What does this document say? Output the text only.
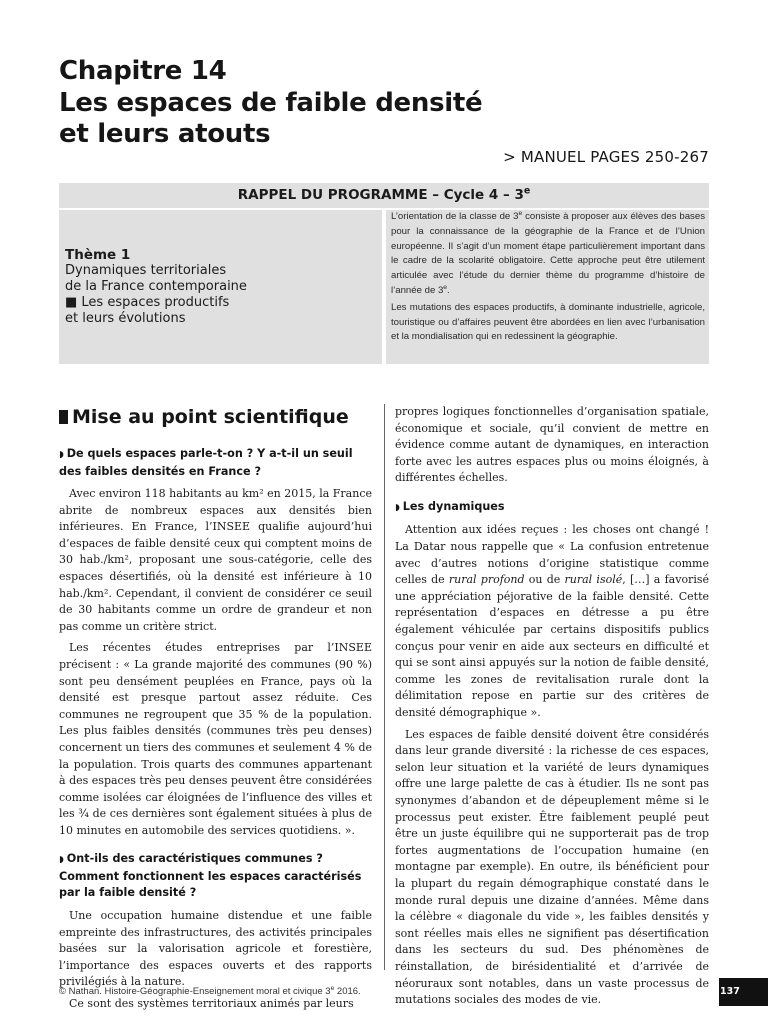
Chapitre 14
Les espaces de faible densité
et leurs atouts
> MANUEL PAGES 250-267
RAPPEL DU PROGRAMME – Cycle 4 – 3e
Thème 1
Dynamiques territoriales
de la France contemporaine
■ Les espaces productifs
et leurs évolutions

L’orientation de la classe de 3e consiste à proposer aux élèves des bases pour la connaissance de la géographie de la France et de l’Union européenne. Il s’agit d’un moment étape particulièrement important dans le cadre de la scolarité obligatoire. Cette approche peut être utilement articulée avec l’étude du dernier thème du programme d’histoire de l’année de 3e.

Les mutations des espaces productifs, à dominante industrielle, agricole, touristique ou d’affaires peuvent être abordées en lien avec l’urbanisation et la mondialisation qui en redessinent la géographie.

Mise au point scientifique
◗ De quels espaces parle-t-on ? Y a-t-il un seuil des faibles densités en France ?

Avec environ 118 habitants au km² en 2015, la France abrite de nombreux espaces aux densités bien inférieures. En France, l’INSEE qualifie aujourd’hui d’espaces de faible densité ceux qui comptent moins de 30 hab./km², proposant une sous-catégorie, celle des espaces désertifiés, où la densité est inférieure à 10 hab./km². Cependant, il convient de considérer ce seuil de 30 habitants comme un ordre de grandeur et non pas comme un critère strict.

Les récentes études entreprises par l’INSEE précisent : « La grande majorité des communes (90 %) sont peu densément peuplées en France, pays où la densité est presque partout assez réduite. Ces communes ne regroupent que 35 % de la population. Les plus faibles densités (communes très peu denses) concernent un tiers des communes et seulement 4 % de la population. Trois quarts des communes appartenant à des espaces très peu denses peuvent être considérées comme isolées car éloignées de l’influence des villes et les ¾ de ces dernières sont également situées à plus de 10 minutes en automobile des services quotidiens. ».

◗ Ont-ils des caractéristiques communes ? Comment fonctionnent les espaces caractérisés par la faible densité ?

Une occupation humaine distendue et une faible empreinte des infrastructures, des activités principales basées sur la valorisation agricole et forestière, l’importance des espaces ouverts et des rapports privilégiés à la nature.

Ce sont des systèmes territoriaux animés par leurs

propres logiques fonctionnelles d’organisation spatiale, économique et sociale, qu’il convient de mettre en évidence comme autant de dynamiques, en interaction forte avec les autres espaces plus ou moins éloignés, à différentes échelles.

◗ Les dynamiques

Attention aux idées reçues : les choses ont changé ! La Datar nous rappelle que « La confusion entretenue avec d’autres notions d’origine statistique comme celles de rural profond ou de rural isolé, […] a favorisé une appréciation péjorative de la faible densité. Cette représentation d’espaces en détresse a pu être également véhiculée par certains dispositifs publics conçus pour venir en aide aux secteurs en difficulté et qui se sont ainsi appuyés sur la notion de faible densité, comme les zones de revitalisation rurale dont la délimitation repose en partie sur des critères de densité démographique ».

Les espaces de faible densité doivent être considérés dans leur grande diversité : la richesse de ces espaces, selon leur situation et la variété de leurs dynamiques offre une large palette de cas à étudier. Ils ne sont pas synonymes d’abandon et de dépeuplement même si le processus peut exister. Être faiblement peuplé peut être un juste équilibre qui ne supporterait pas de trop fortes augmentations de l’occupation humaine (en montagne par exemple). En outre, ils bénéficient pour la plupart du regain démographique constaté dans le monde rural depuis une dizaine d’années. Même dans la célèbre « diagonale du vide », les faibles densités y sont réelles mais elles ne signifient pas désertification dans les secteurs du sud. Des phénomènes de réinstallation, de birésidentialité et d’arrivée de néoruraux sont notables, dans un vaste processus de mutations sociales des modes de vie.

© Nathan. Histoire-Géographie-Enseignement moral et civique 3e 2016.	137
